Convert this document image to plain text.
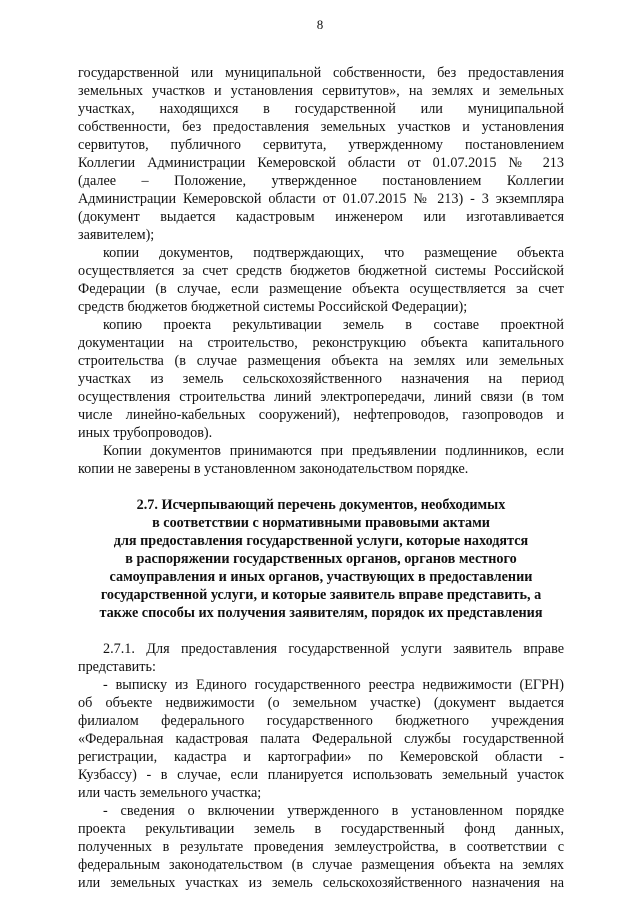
8
государственной или муниципальной собственности, без предоставления
земельных участков и установления сервитутов», на землях и земельных
участках, находящихся в государственной или муниципальной
собственности, без предоставления земельных участков и установления
сервитутов, публичного сервитута, утвержденному постановлением
Коллегии Администрации Кемеровской области от 01.07.2015 № 213
(далее – Положение, утвержденное постановлением Коллегии
Администрации Кемеровской области от 01.07.2015 № 213) - 3 экземпляра
(документ выдается кадастровым инженером или изготавливается
заявителем);
копии документов, подтверждающих, что размещение объекта
осуществляется за счет средств бюджетов бюджетной системы Российской
Федерации (в случае, если размещение объекта осуществляется за счет
средств бюджетов бюджетной системы Российской Федерации);
копию проекта рекультивации земель в составе проектной
документации на строительство, реконструкцию объекта капитального
строительства (в случае размещения объекта на землях или земельных
участках из земель сельскохозяйственного назначения на период
осуществления строительства линий электропередачи, линий связи (в том
числе линейно-кабельных сооружений), нефтепроводов, газопроводов и
иных трубопроводов).
Копии документов принимаются при предъявлении подлинников, если
копии не заверены в установленном законодательством порядке.
2.7. Исчерпывающий перечень документов, необходимых
в соответствии с нормативными правовыми актами
для предоставления государственной услуги, которые находятся
в распоряжении государственных органов, органов местного
самоуправления и иных органов, участвующих в предоставлении
государственной услуги, и которые заявитель вправе представить, а
также способы их получения заявителям, порядок их представления
2.7.1. Для предоставления государственной услуги заявитель вправе
представить:
- выписку из Единого государственного реестра недвижимости (ЕГРН)
об объекте недвижимости (о земельном участке) (документ выдается
филиалом федерального государственного бюджетного учреждения
«Федеральная кадастровая палата Федеральной службы государственной
регистрации, кадастра и картографии» по Кемеровской области -
Кузбассу) - в случае, если планируется использовать земельный участок
или часть земельного участка;
- сведения о включении утвержденного в установленном порядке
проекта рекультивации земель в государственный фонд данных,
полученных в результате проведения землеустройства, в соответствии с
федеральным законодательством (в случае размещения объекта на землях
или земельных участках из земель сельскохозяйственного назначения на
